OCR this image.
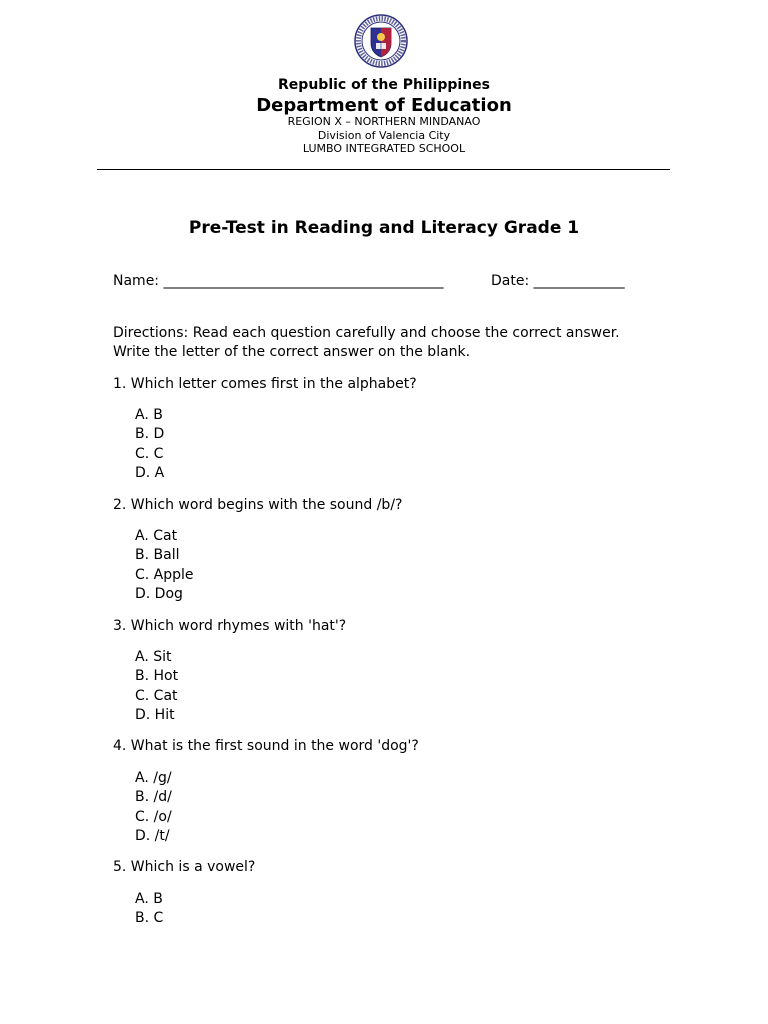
Republic of the Philippines
Department of Education
REGION X – NORTHERN MINDANAO
Division of Valencia City
LUMBO INTEGRATED SCHOOL
Pre-Test in Reading and Literacy Grade 1
Name: ________________________________________	Date: _____________
Directions: Read each question carefully and choose the correct answer.
Write the letter of the correct answer on the blank.
1. Which letter comes first in the alphabet?
A. B
B. D
C. C
D. A
2. Which word begins with the sound /b/?
A. Cat
B. Ball
C. Apple
D. Dog
3. Which word rhymes with 'hat'?
A. Sit
B. Hot
C. Cat
D. Hit
4. What is the first sound in the word 'dog'?
A. /g/
B. /d/
C. /o/
D. /t/
5. Which is a vowel?
A. B
B. C
